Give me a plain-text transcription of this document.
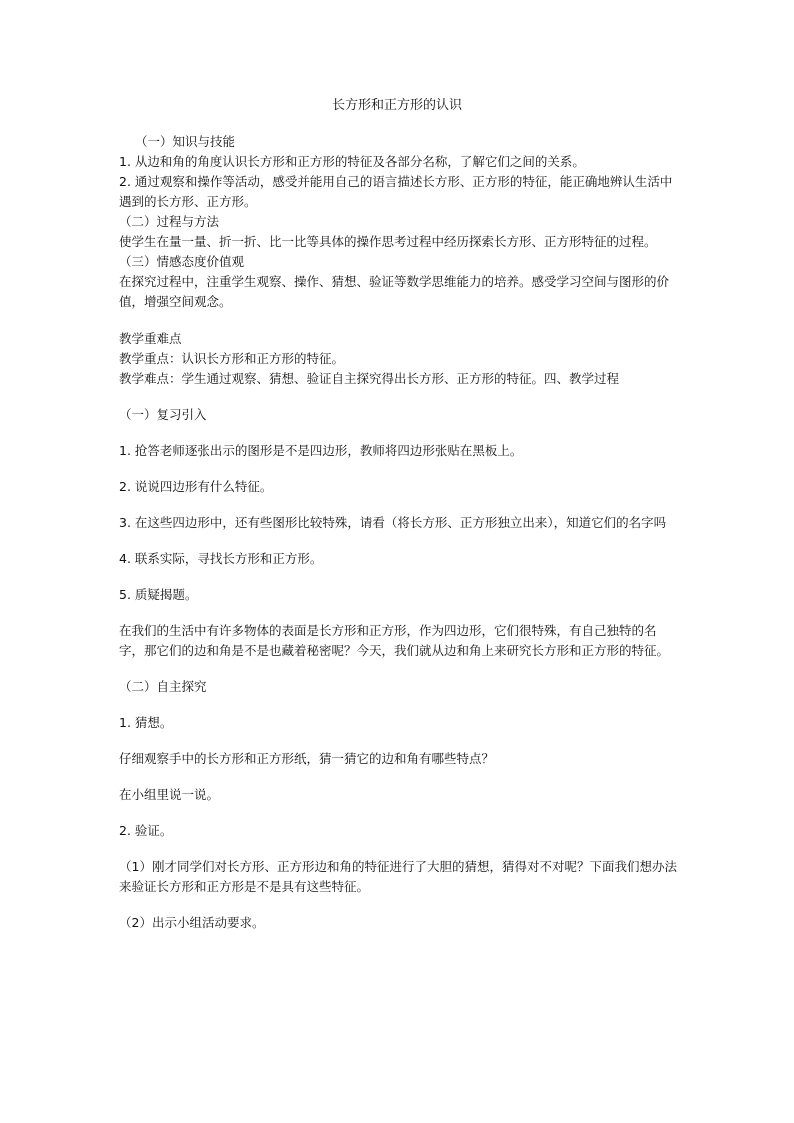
长方形和正方形的认识

（一）知识与技能

1. 从边和角的角度认识长方形和正方形的特征及各部分名称，了解它们之间的关系。

2. 通过观察和操作等活动，感受并能用自己的语言描述长方形、正方形的特征，能正确地辨认生活中遇到的长方形、正方形。

（二）过程与方法

使学生在量一量、折一折、比一比等具体的操作思考过程中经历探索长方形、正方形特征的过程。

（三）情感态度价值观

在探究过程中，注重学生观察、操作、猜想、验证等数学思维能力的培养。感受学习空间与图形的价值，增强空间观念。

教学重难点

教学重点：认识长方形和正方形的特征。

教学难点：学生通过观察、猜想、验证自主探究得出长方形、正方形的特征。四、教学过程

（一）复习引入

1. 抢答老师逐张出示的图形是不是四边形，教师将四边形张贴在黑板上。

2. 说说四边形有什么特征。

3. 在这些四边形中，还有些图形比较特殊，请看（将长方形、正方形独立出来），知道它们的名字吗

4. 联系实际，寻找长方形和正方形。

5. 质疑揭题。

在我们的生活中有许多物体的表面是长方形和正方形，作为四边形，它们很特殊，有自己独特的名字，那它们的边和角是不是也藏着秘密呢？今天，我们就从边和角上来研究长方形和正方形的特征。

（二）自主探究

1. 猜想。

仔细观察手中的长方形和正方形纸，猜一猜它的边和角有哪些特点？

在小组里说一说。

2. 验证。

（1）刚才同学们对长方形、正方形边和角的特征进行了大胆的猜想，猜得对不对呢？下面我们想办法来验证长方形和正方形是不是具有这些特征。

（2）出示小组活动要求。
